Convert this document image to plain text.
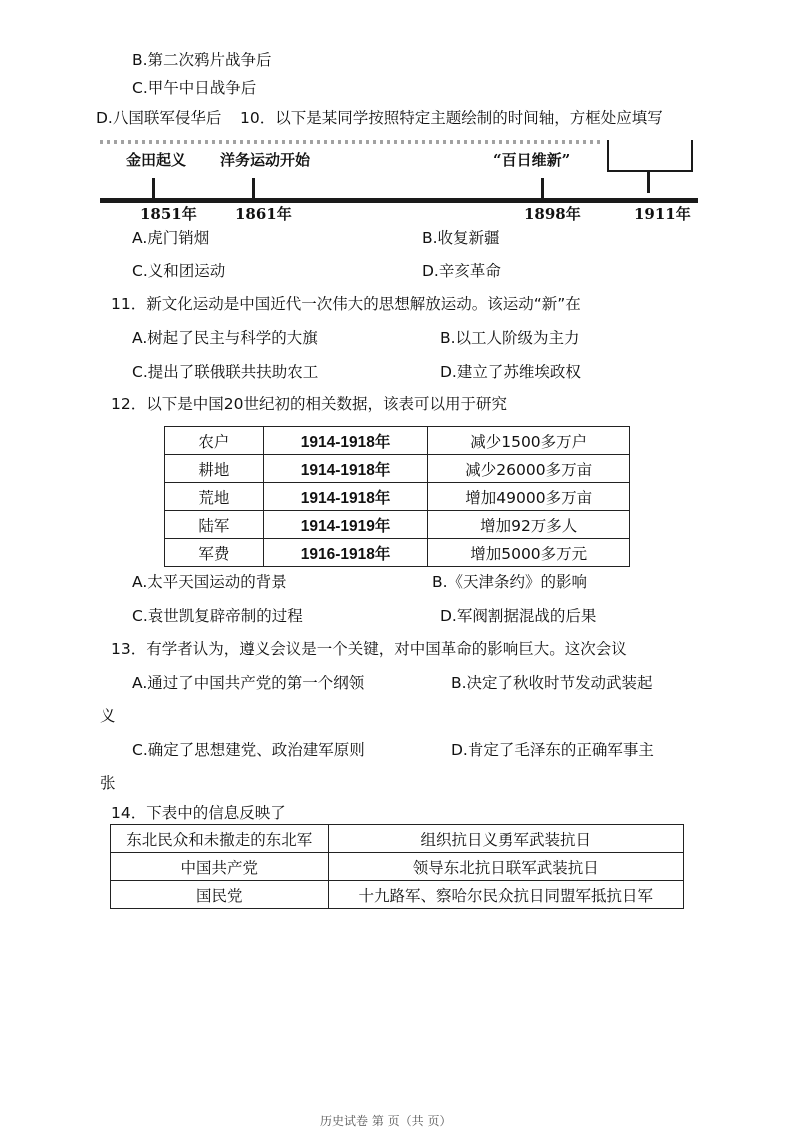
B.第二次鸦片战争后
C.甲午中日战争后
D.八国联军侵华后 10．以下是某同学按照特定主题绘制的时间轴，方框处应填写
金田起义 洋务运动开始	“百日维新”
1851年	1861年	1898年	1911年
A.虎门销烟	B.收复新疆
C.义和团运动	D.辛亥革命
11．新文化运动是中国近代一次伟大的思想解放运动。该运动“新”在
A.树起了民主与科学的大旗	B.以工人阶级为主力
C.提出了联俄联共扶助农工	D.建立了苏维埃政权
12．以下是中国20世纪初的相关数据，该表可以用于研究
农户	1914-1918年	减少1500多万户
耕地	1914-1918年	减少26000多万亩
荒地	1914-1918年	增加49000多万亩
陆军	1914-1919年	增加92万多人
军费	1916-1918年	增加5000多万元
A.太平天国运动的背景	B.《天津条约》的影响
C.袁世凯复辟帝制的过程	D.军阀割据混战的后果
13．有学者认为，遵义会议是一个关键，对中国革命的影响巨大。这次会议
A.通过了中国共产党的第一个纲领	B.决定了秋收时节发动武装起
义
C.确定了思想建党、政治建军原则	D.肯定了毛泽东的正确军事主
张
14．下表中的信息反映了
东北民众和未撤走的东北军	组织抗日义勇军武装抗日
中国共产党	领导东北抗日联军武装抗日
国民党	十九路军、察哈尔民众抗日同盟军抵抗日军
历史试卷 第 页（共 页）
